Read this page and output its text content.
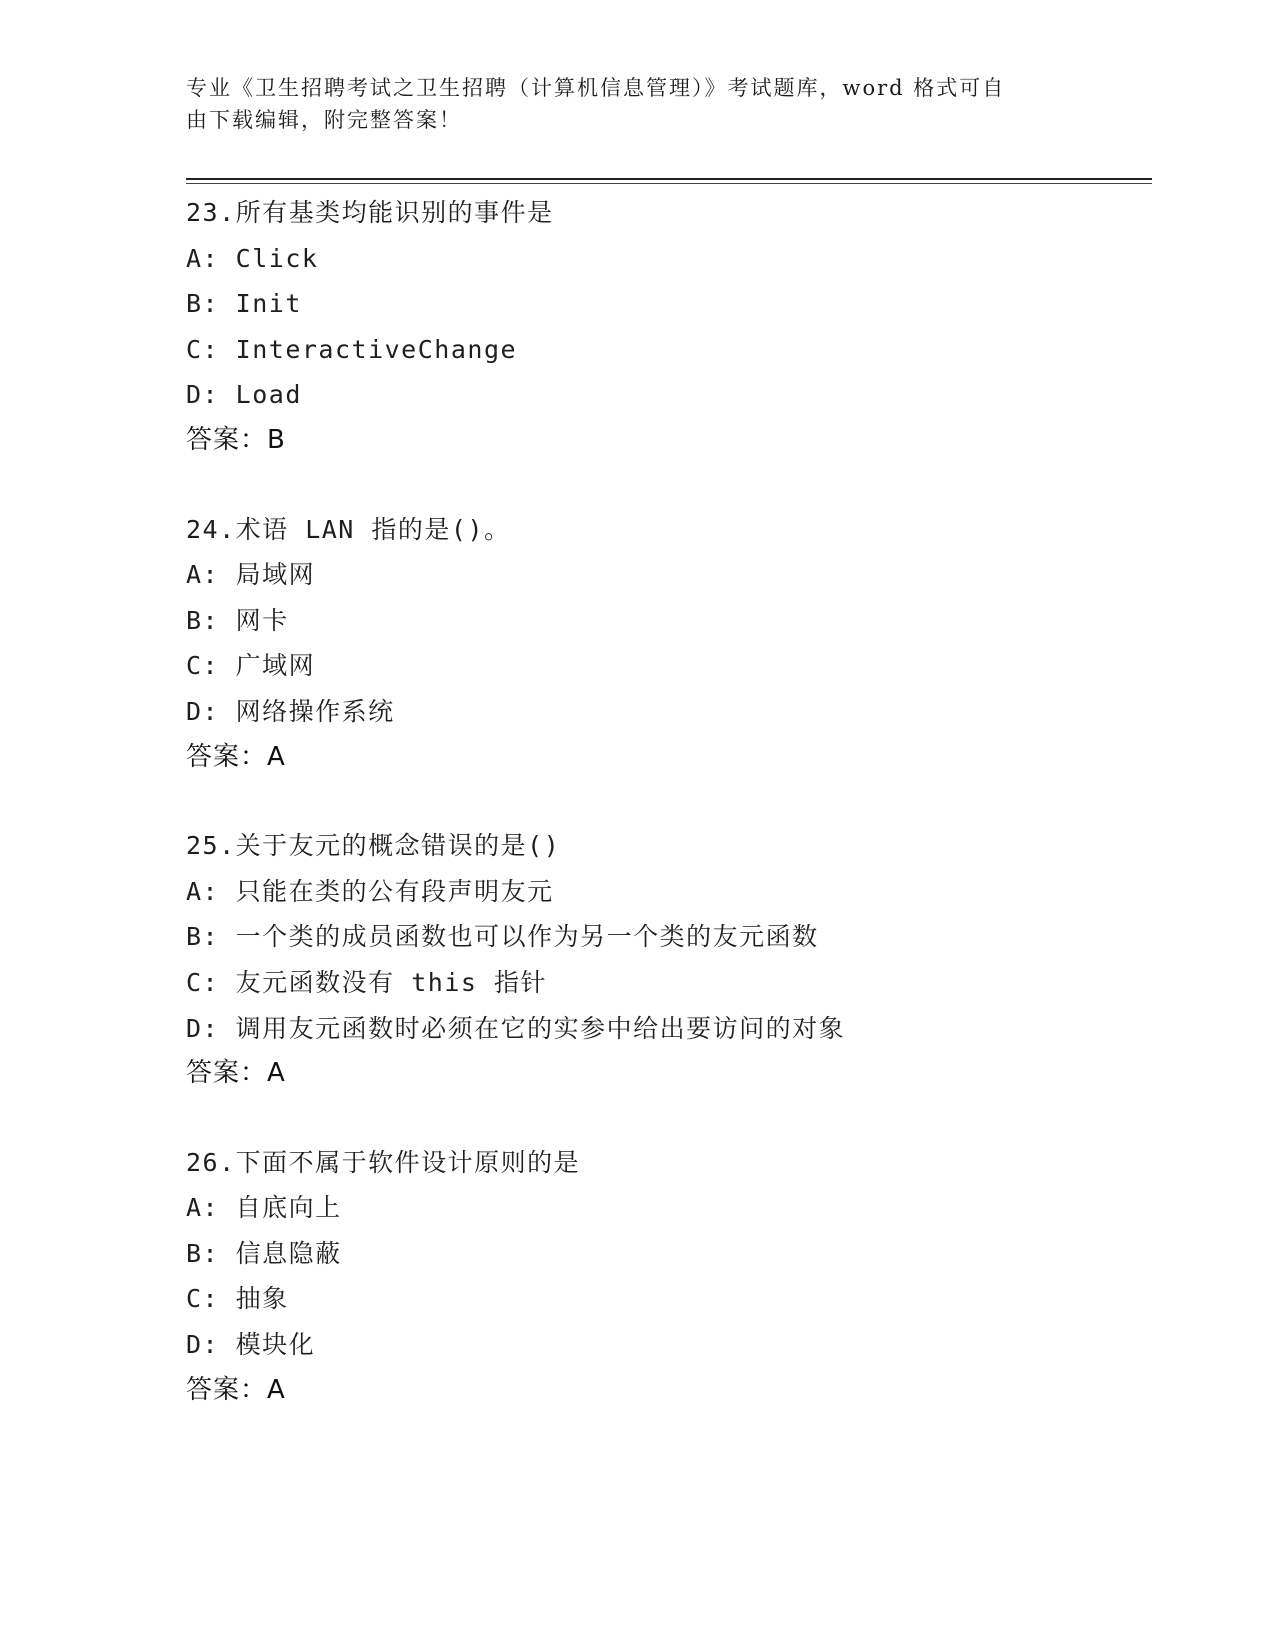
专业《卫生招聘考试之卫生招聘（计算机信息管理）》考试题库，word 格式可自
由下载编辑，附完整答案！
23.所有基类均能识别的事件是
A: Click
B: Init
C: InteractiveChange
D: Load
答案：B
24.术语 LAN 指的是()。
A: 局域网
B: 网卡
C: 广域网
D: 网络操作系统
答案：A
25.关于友元的概念错误的是()
A: 只能在类的公有段声明友元
B: 一个类的成员函数也可以作为另一个类的友元函数
C: 友元函数没有 this 指针
D: 调用友元函数时必须在它的实参中给出要访问的对象
答案：A
26.下面不属于软件设计原则的是
A: 自底向上
B: 信息隐蔽
C: 抽象
D: 模块化
答案：A
